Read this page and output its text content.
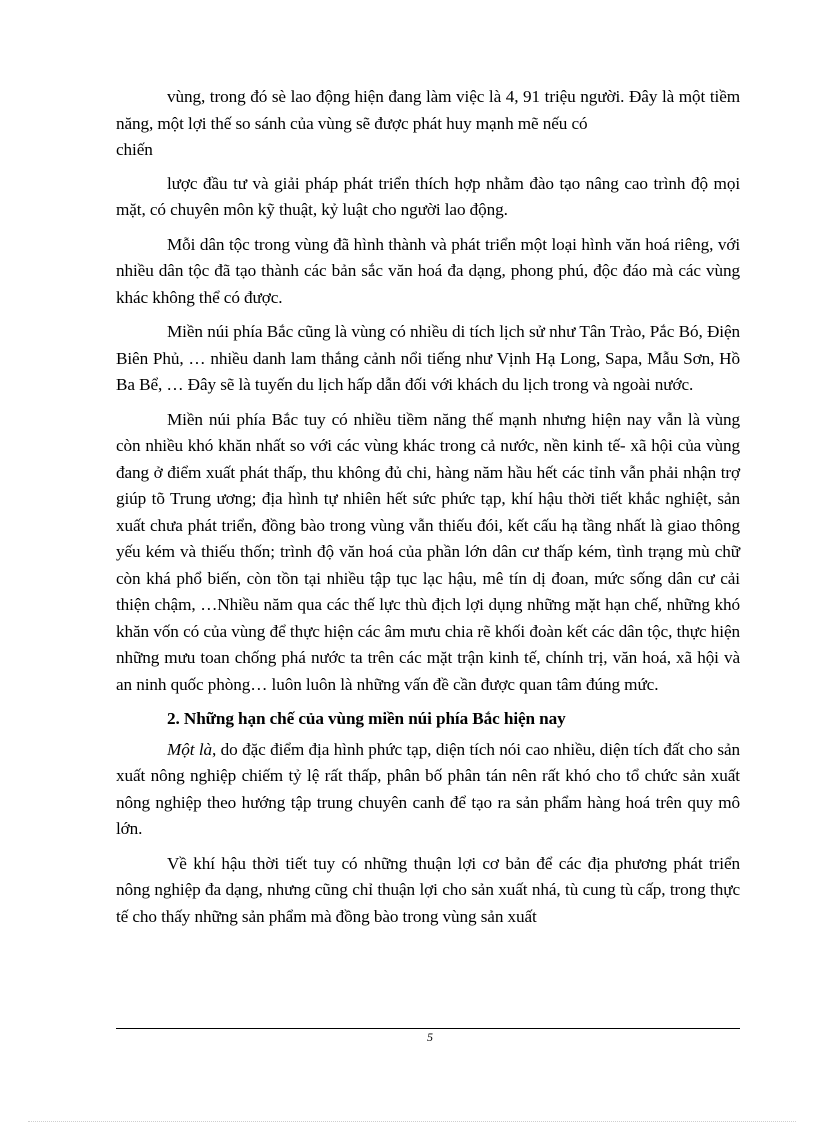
vùng, trong đó sè lao động hiện đang làm việc là 4, 91 triệu người. Đây là một tiềm năng, một lợi thế so sánh của vùng sẽ được phát huy mạnh mẽ nếu có

chiến

lược đầu tư và giải pháp phát triển thích hợp nhằm đào tạo nâng cao trình độ mọi mặt, có chuyên môn kỹ thuật, kỷ luật cho người lao động.

Mỗi dân tộc trong vùng đã hình thành và phát triển một loại hình văn hoá riêng, với nhiều dân tộc đã tạo thành các bản sắc văn hoá đa dạng, phong phú, độc đáo mà các vùng khác không thể có được.

Miền núi phía Bắc cũng là vùng có nhiều di tích lịch sử như Tân Trào, Pắc Bó, Điện Biên Phủ, … nhiều danh lam thắng cảnh nổi tiếng như Vịnh Hạ Long, Sapa, Mẫu Sơn, Hồ Ba Bể, … Đây sẽ là tuyến du lịch hấp dẫn đối với khách du lịch trong và ngoài nước.

Miền núi phía Bắc tuy có nhiều tiềm năng thế mạnh nhưng hiện nay vẫn là vùng còn nhiều khó khăn nhất so với các vùng khác trong cả nước, nền kinh tế- xã hội của vùng đang ở điểm xuất phát thấp, thu không đủ chi, hàng năm hầu hết các tỉnh vẫn phải nhận trợ giúp tõ Trung ương; địa hình tự nhiên hết sức phức tạp, khí hậu thời tiết khắc nghiệt, sản xuất chưa phát triển, đồng bào trong vùng vẫn thiếu đói, kết cấu hạ tầng nhất là giao thông yếu kém và thiếu thốn; trình độ văn hoá của phần lớn dân cư thấp kém, tình trạng mù chữ còn khá phổ biến, còn tồn tại nhiều tập tục lạc hậu, mê tín dị đoan, mức sống dân cư cải thiện chậm, …Nhiều năm qua các thế lực thù địch lợi dụng những mặt hạn chế, những khó khăn vốn có của vùng để thực hiện các âm mưu chia rẽ khối đoàn kết các dân tộc, thực hiện những mưu toan chống phá nước ta trên các mặt trận kinh tế, chính trị, văn hoá, xã hội và an ninh quốc phòng… luôn luôn là những vấn đề cần được quan tâm đúng mức.

2. Những hạn chế của vùng miền núi phía Bắc hiện nay

Một là, do đặc điểm địa hình phức tạp, diện tích nói cao nhiều, diện tích đất cho sản xuất nông nghiệp chiếm tỷ lệ rất thấp, phân bố phân tán nên rất khó cho tổ chức sản xuất nông nghiệp theo hướng tập trung chuyên canh để tạo ra sản phẩm hàng hoá trên quy mô lớn.

Về khí hậu thời tiết tuy có những thuận lợi cơ bản để các địa phương phát triển nông nghiệp đa dạng, nhưng cũng chỉ thuận lợi cho sản xuất nhá, tù cung tù cấp, trong thực tế cho thấy những sản phẩm mà đồng bào trong vùng sản xuất

5
